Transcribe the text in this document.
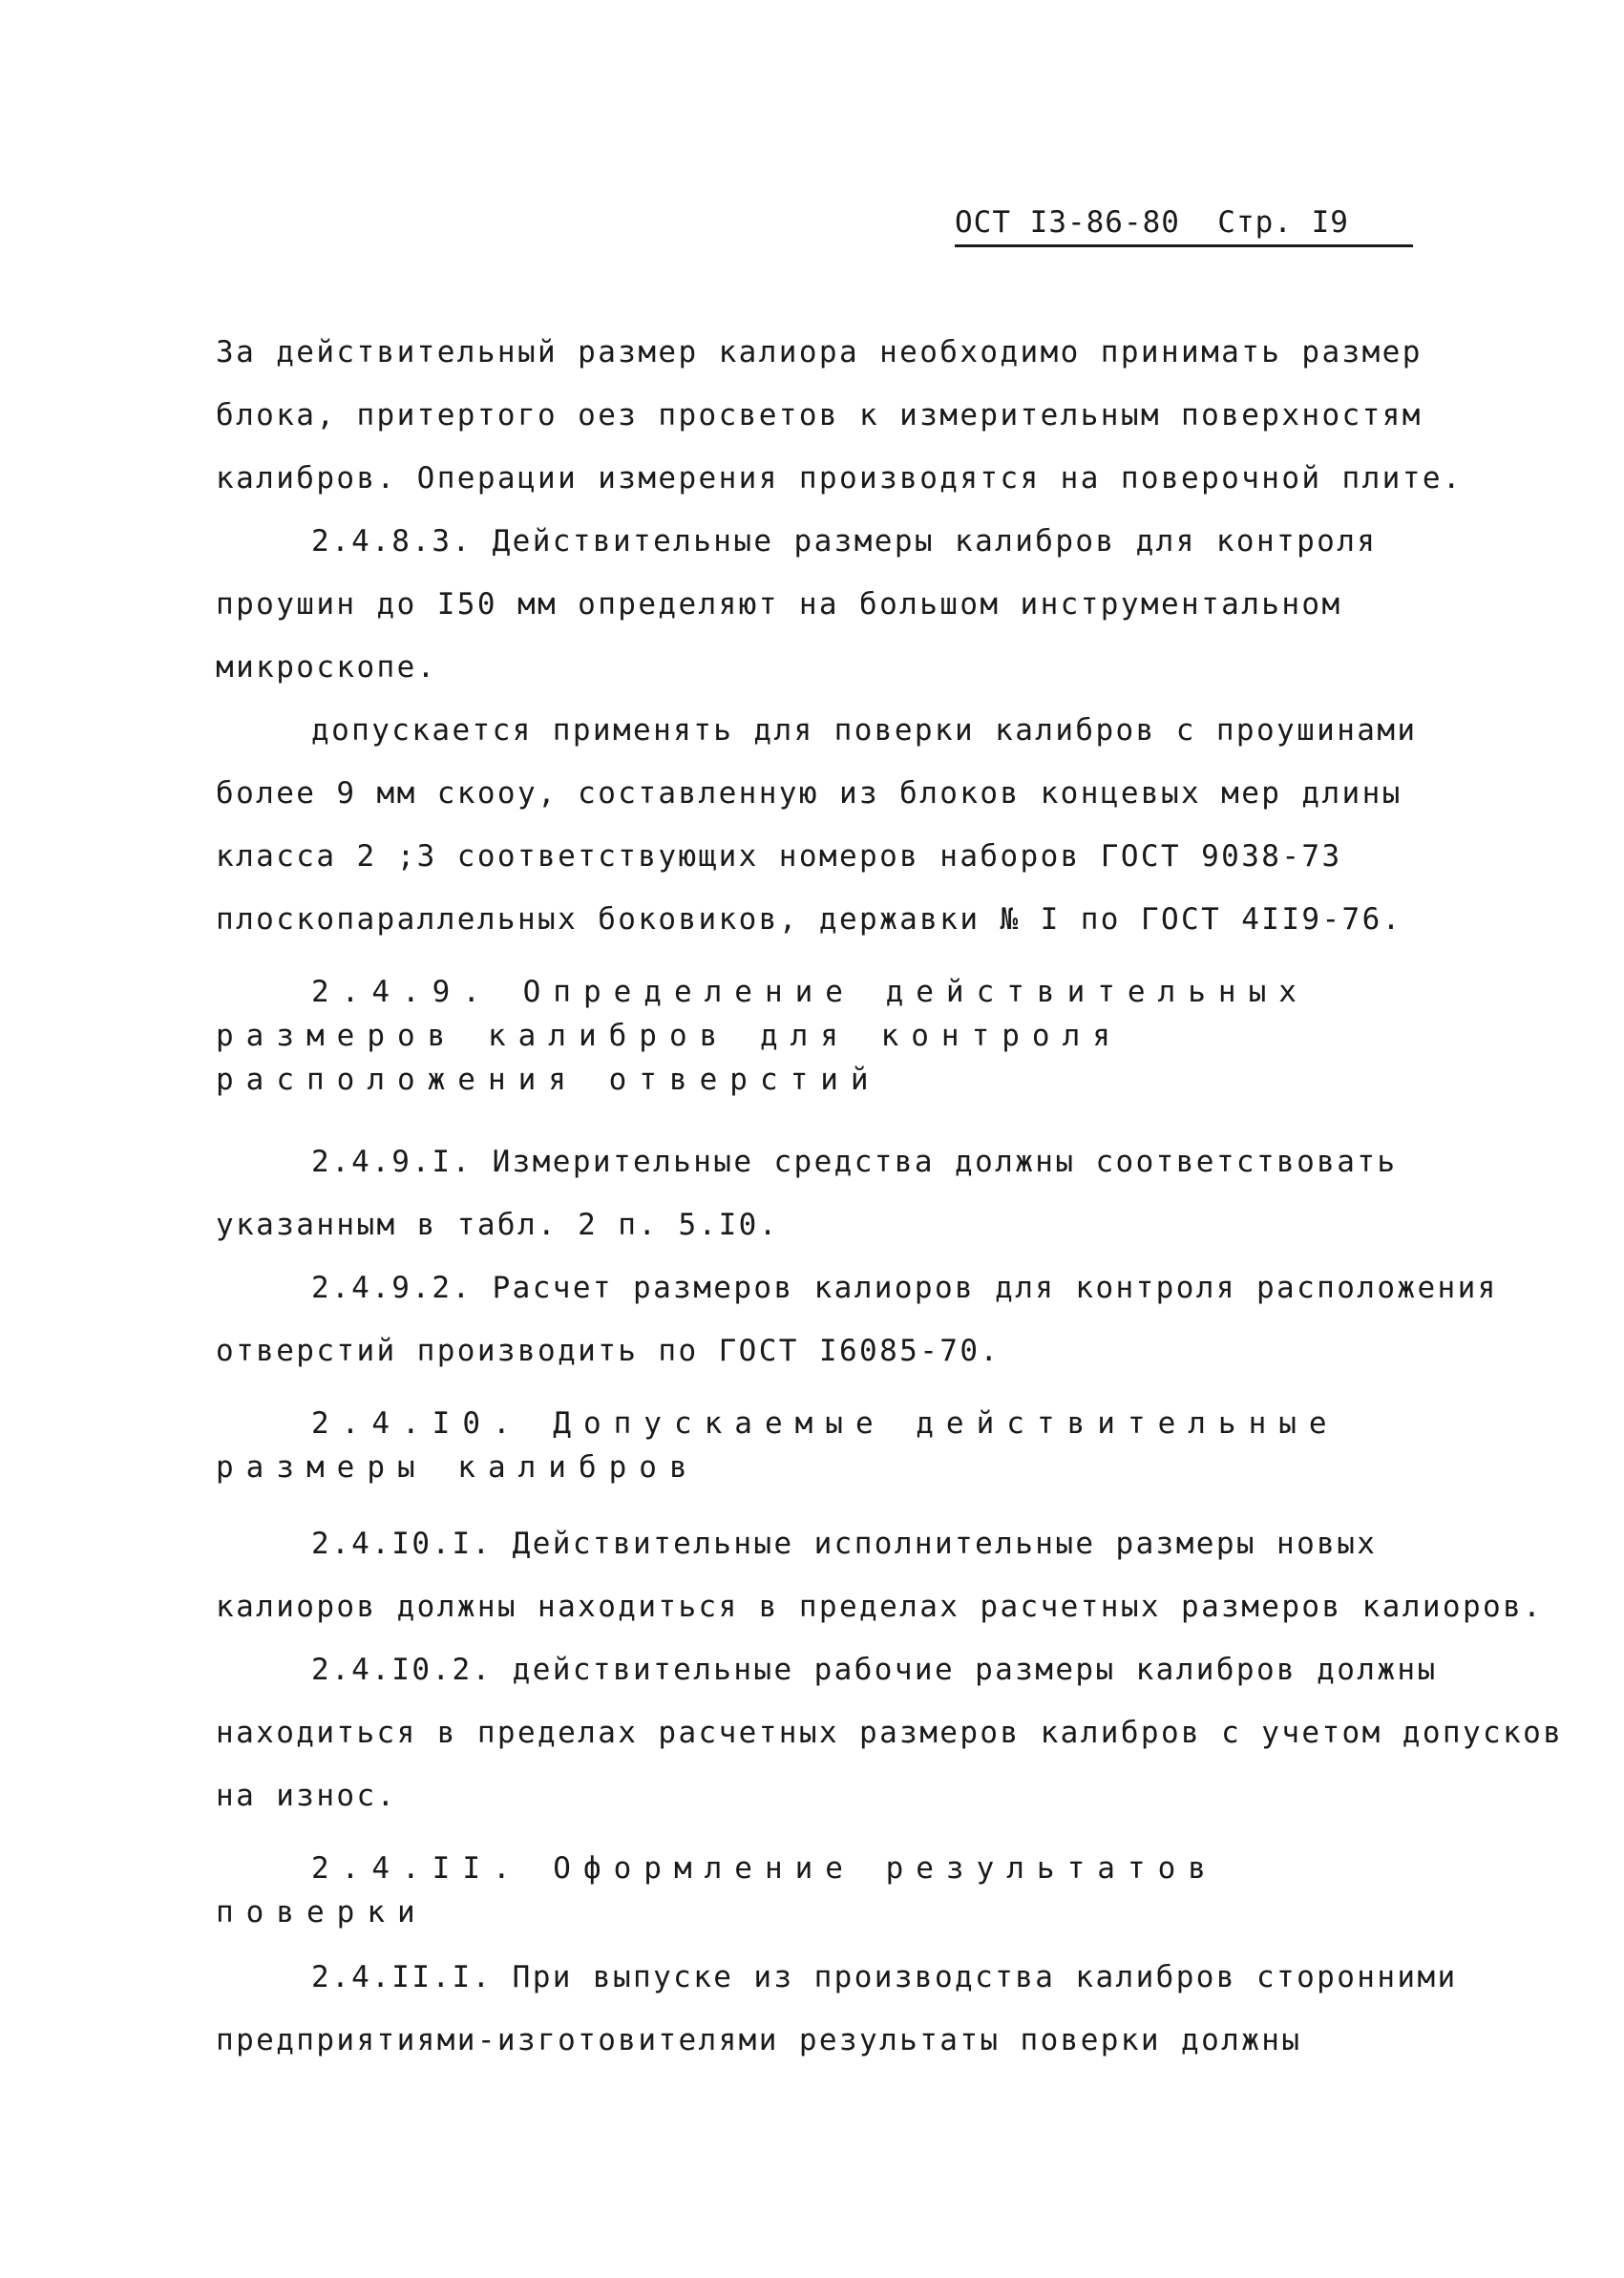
ОСТ I3-86-80  Стр. I9
За действительный размер калиора необходимо принимать размер
блока, притертого оез просветов к измерительным поверхностям
калибров. Операции измерения производятся на поверочной плите.
2.4.8.3. Действительные размеры калибров для контроля
проушин до I50 мм определяют на большом инструментальном
микроскопе.
допускается применять для поверки калибров с проушинами
более 9 мм скооу, составленную из блоков концевых мер длины
класса 2 ;3 соответствующих номеров наборов ГОСТ 9038-73
плоскопараллельных боковиков, державки № I по ГОСТ 4II9-76.
2.4.9. Определение действительных
размеров калибров для контроля
расположения отверстий
2.4.9.I. Измерительные средства должны соответствовать
указанным в табл. 2 п. 5.I0.
2.4.9.2. Расчет размеров калиоров для контроля расположения
отверстий производить по ГОСТ I6085-70.
2.4.I0. Допускаемые действительные
размеры калибров
2.4.I0.I. Действительные исполнительные размеры новых
калиоров должны находиться в пределах расчетных размеров калиоров.
2.4.I0.2. действительные рабочие размеры калибров должны
находиться в пределах расчетных размеров калибров с учетом допусков
на износ.
2.4.II. Оформление результатов
поверки
2.4.II.I. При выпуске из производства калибров сторонними
предприятиями-изготовителями результаты поверки должны
